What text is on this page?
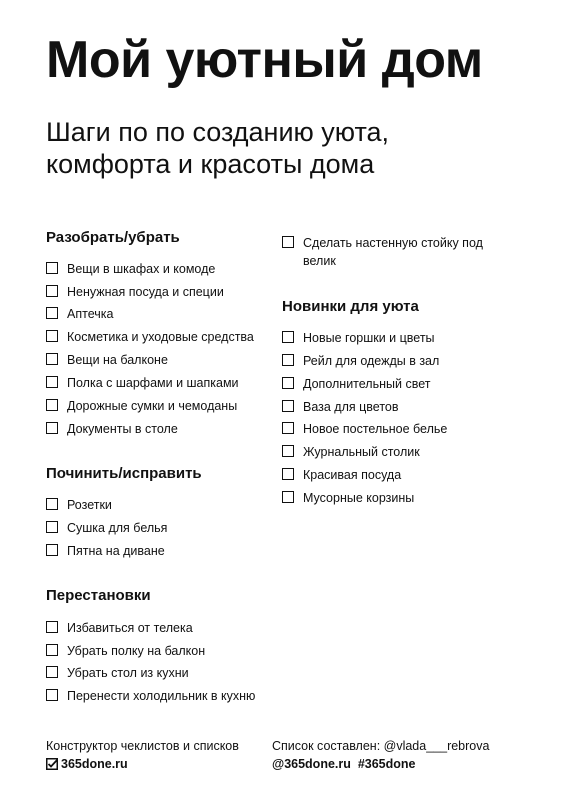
Мой уютный дом
Шаги по по созданию уюта,
комфорта и красоты дома
Разобрать/убрать
Вещи в шкафах и комоде
Ненужная посуда и специи
Аптечка
Косметика и уходовые средства
Вещи на балконе
Полка с шарфами и шапками
Дорожные сумки и чемоданы
Документы в столе
Починить/исправить
Розетки
Сушка для белья
Пятна на диване
Перестановки
Избавиться от телека
Убрать полку на балкон
Убрать стол из кухни
Перенести холодильник в кухню
Сделать настенную стойку под велик
Новинки для уюта
Новые горшки и цветы
Рейл для одежды в зал
Дополнительный свет
Ваза для цветов
Новое постельное белье
Журнальный столик
Красивая посуда
Мусорные корзины
Конструктор чеклистов и списков
365done.ru
Список составлен: @vlada___rebrova
@365done.ru  #365done
